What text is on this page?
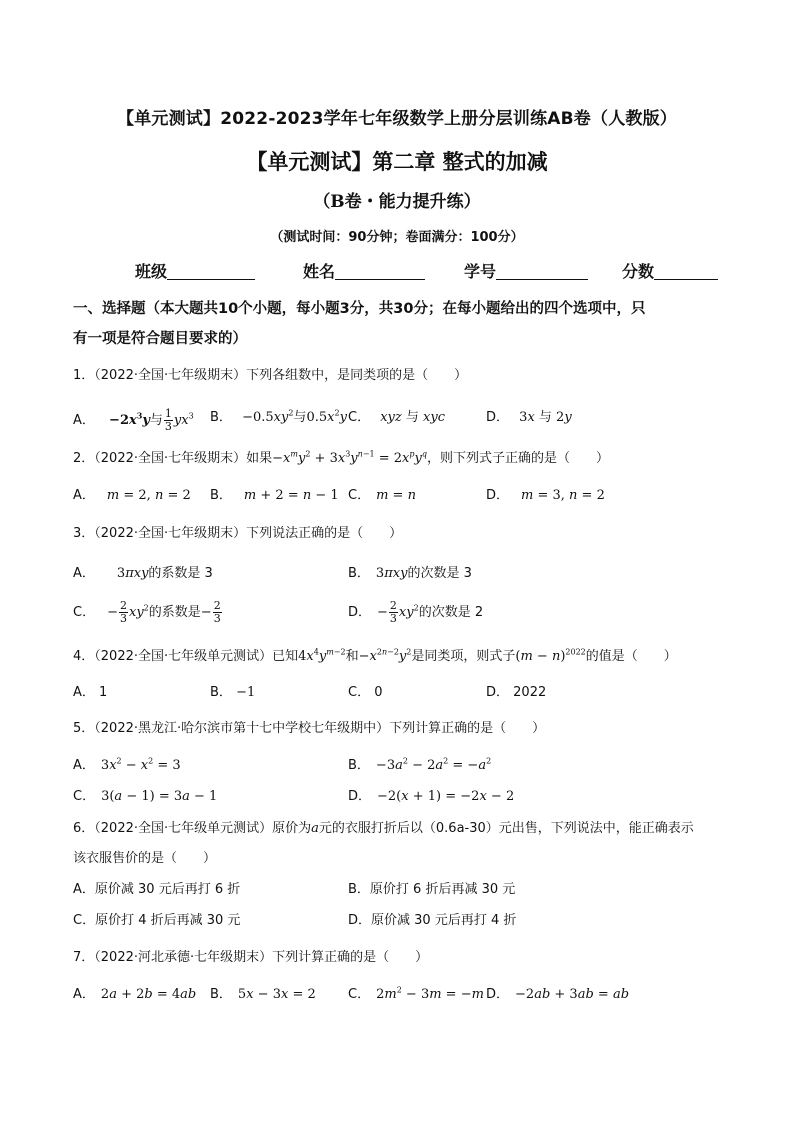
【单元测试】2022-2023学年七年级数学上册分层训练AB卷（人教版）
【单元测试】第二章 整式的加减
（B卷・能力提升练）
（测试时间：90分钟；卷面满分：100分）
班级	姓名	学号	分数
一、选择题（本大题共10个小题，每小题3分，共30分；在每小题给出的四个选项中，只
有一项是符合题目要求的）
1．（2022·全国·七年级期末）下列各组数中，是同类项的是（　　）
A． $-2x^3y$与 $\frac{1}{3} yx^3$ B． $-0.5xy^2$与$0.5x^2y$ C． xyz 与 xyc	D． 3x 与 2y
2．（2022·全国·七年级期末）如果$-x^my^2 + 3x^3y^{n-1} = 2x^py^q$，则下列式子正确的是（　　）
A． m = 2, n = 2 B． m + 2 = n − 1 C． m = n	D． m = 3, n = 2
3．（2022·全国·七年级期末）下列说法正确的是（　　）
A． 3πxy的系数是 3	B． 3πxy的次数是 3
C． − $\frac{2}{3} xy^2$的系数是− $\frac{2}{3}$	D． − $\frac{2}{3} xy^2$的次数是 2
4．（2022·全国·七年级单元测试）已知$4x^4y^{m-2}$和$-x^{2n-2}y^2$是同类项，则式子$(m - n)^{2022}$的值是（　　）
A． 1	B． −1	C． 0	D． 2022
5．（2022·黑龙江·哈尔滨市第十七中学校七年级期中）下列计算正确的是（　　）
A． $3x^2 - x^2 = 3$	B． $-3a^2 - 2a^2 = -a^2$
C． 3(a − 1) = 3a − 1	D． −2(x + 1) = −2x − 2
6．（2022·全国·七年级单元测试）原价为a元的衣服打折后以（0.6a-30）元出售，下列说法中，能正确表示
该衣服售价的是（　　）
A．原价减 30 元后再打 6 折	B．原价打 6 折后再减 30 元
C．原价打 4 折后再减 30 元	D．原价减 30 元后再打 4 折
7．（2022·河北承德·七年级期末）下列计算正确的是（　　）
A． 2a + 2b = 4ab B． 5x − 3x = 2 C． $2m^2 - 3m = -m$ D． −2ab + 3ab = ab
